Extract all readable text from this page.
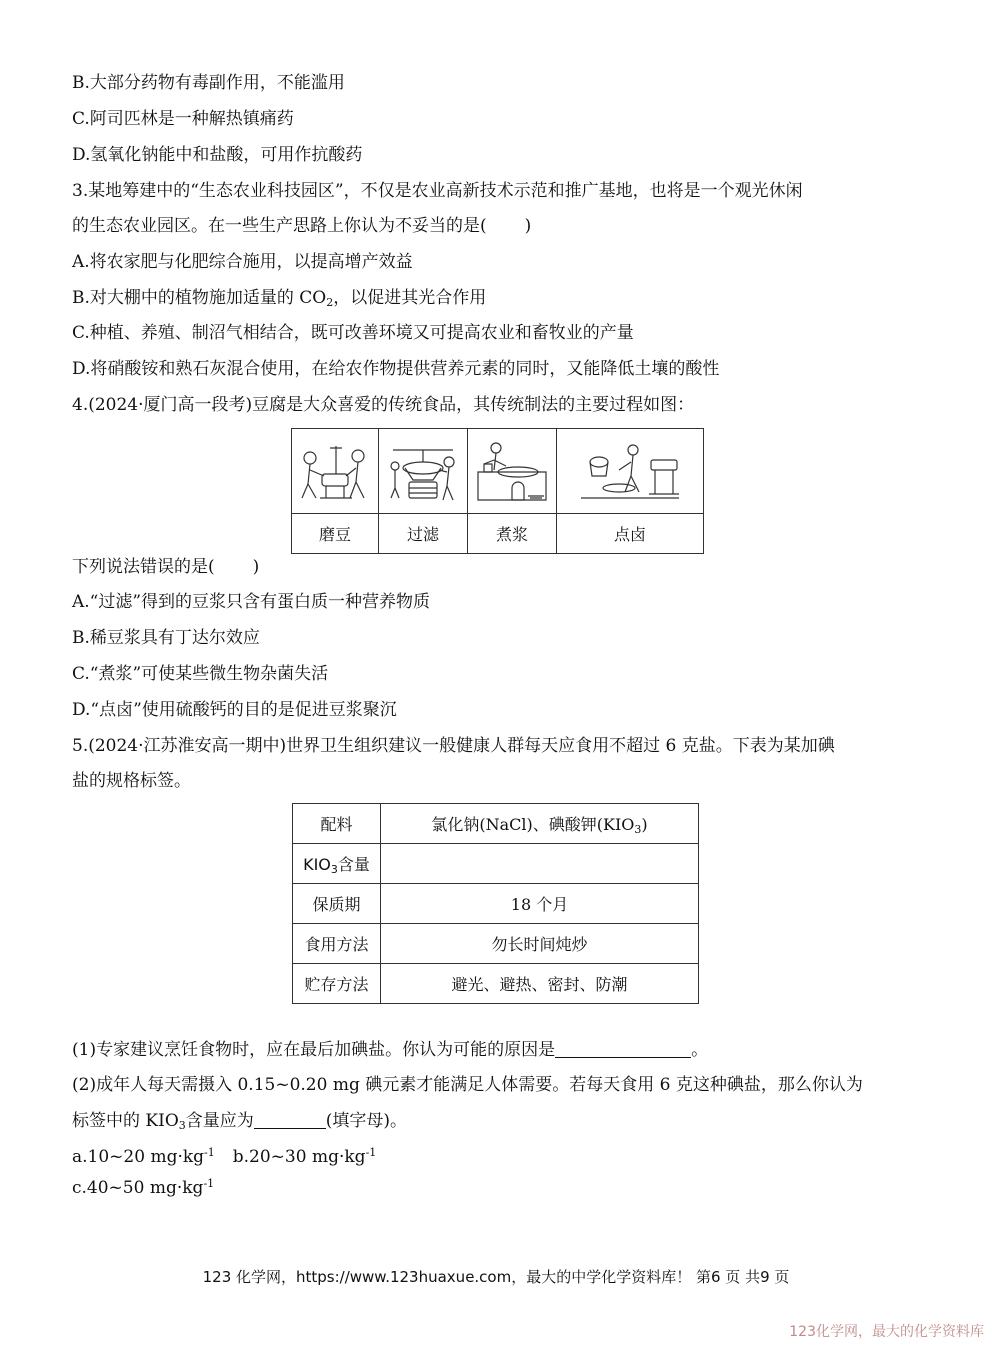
B.大部分药物有毒副作用，不能滥用
C.阿司匹林是一种解热镇痛药
D.氢氧化钠能中和盐酸，可用作抗酸药
3.某地筹建中的“生态农业科技园区”，不仅是农业高新技术示范和推广基地，也将是一个观光休闲
的生态农业园区。在一些生产思路上你认为不妥当的是( )
A.将农家肥与化肥综合施用，以提高增产效益
B.对大棚中的植物施加适量的 $CO_2$，以促进其光合作用
C.种植、养殖、制沼气相结合，既可改善环境又可提高农业和畜牧业的产量
D.将硝酸铵和熟石灰混合使用，在给农作物提供营养元素的同时，又能降低土壤的酸性
4.(2024·厦门高一段考)豆腐是大众喜爱的传统食品，其传统制法的主要过程如图：

磨豆	过滤	煮浆	点卤
下列说法错误的是( )
A.“过滤”得到的豆浆只含有蛋白质一种营养物质
B.稀豆浆具有丁达尔效应
C.“煮浆”可使某些微生物杂菌失活
D.“点卤”使用硫酸钙的目的是促进豆浆聚沉
5.(2024·江苏淮安高一期中)世界卫生组织建议一般健康人群每天应食用不超过 6 克盐。下表为某加碘
盐的规格标签。
配料	氯化钠(NaCl)、碘酸钾$(KIO_3)$
$KIO_3$含量	
保质期	18 个月
食用方法	勿长时间炖炒
贮存方法	避光、避热、密封、防潮
(1)专家建议烹饪食物时，应在最后加碘盐。你认为可能的原因是	。
(2)成年人每天需摄入 0.15~0.20 mg 碘元素才能满足人体需要。若每天食用 6 克这种碘盐，那么你认为
标签中的 $KIO_3$含量应为	(填字母)。
a.10~20 $mg\cdot kg^{-1}$ b.20~30 $mg\cdot kg^{-1}$
c.40~50 $mg\cdot kg^{-1}$
123 化学网，https://www.123huaxue.com，最大的中学化学资料库！ 第6 页 共9 页
123化学网，最大的化学资料库
